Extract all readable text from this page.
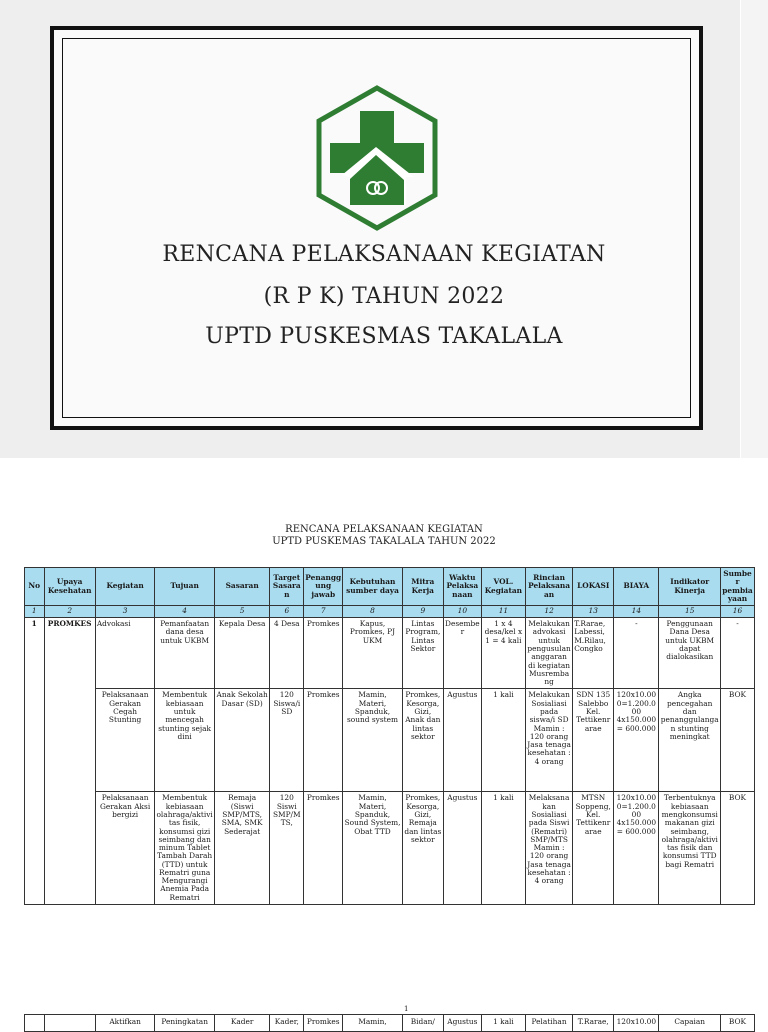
RENCANA PELAKSANAAN KEGIATAN
(R P K) TAHUN 2022
UPTD PUSKESMAS TAKALALA
RENCANA PELAKSANAAN KEGIATAN
UPTD PUSKEMAS TAKALALA TAHUN 2022
No	Upaya Kesehatan	Kegiatan	Tujuan	Sasaran	Target Sasaran	Penanggung jawab	Kebutuhan sumber daya	Mitra Kerja	Waktu Pelaksanaan	VOL. Kegiatan	Rincian Pelaksanaan	LOKASI	BIAYA	Indikator Kinerja	Sumber pembiayaan
1	2	3	4	5	6	7	8	9	10	11	12	13	14	15	16
1	PROMKES	Advokasi	Pemanfaatan dana desa untuk UKBM	Kepala Desa	4 Desa	Promkes	Kapus, Promkes, PJ UKM	Lintas Program, Lintas Sektor	Desember	1 x 4 desa/kel x 1 = 4 kali	Melakukan advokasi untuk pengusulan anggaran di kegiatan Musrembang	T.Rarae, Labessi, M.Rilau, Congko	-	Penggunaan Dana Desa untuk UKBM dapat dialokasikan	-
		Pelaksanaan Gerakan Cegah Stunting	Membentuk kebiasaan untuk mencegah stunting sejak dini	Anak Sekolah Dasar (SD)	120 Siswa/i SD	Promkes	Mamin, Materi, Spanduk, sound system	Promkes, Kesorga, Gizi, Anak dan lintas sektor	Agustus	1 kali	Melakukan Sosialiasi pada siswa/i SD Mamin : 120 orang Jasa tenaga kesehatan : 4 orang	SDN 135 Salebbo Kel. Tettikenrarae	120x10.000=1.200.000 4x150.000 = 600.000	Angka pencegahan dan penanggulangan stunting meningkat	BOK
		Pelaksanaan Gerakan Aksi bergizi	Membentuk kebiasaan olahraga/aktivitas fisik, konsumsi gizi seimbang dan minum Tablet Tambah Darah (TTD) untuk Rematri guna Mengurangi Anemia Pada Rematri	Remaja (Siswi SMP/MTS, SMA, SMK Sederajat	120 Siswi SMP/MTS,	Promkes	Mamin, Materi, Spanduk, Sound System, Obat TTD	Promkes, Kesorga, Gizi, Remaja dan lintas sektor	Agustus	1 kali	Melaksanakan Sosialiasi pada Siswi (Rematri) SMP/MTS Mamin : 120 orang Jasa tenaga kesehatan : 4 orang	MTSN Soppeng, Kel. Tettikenrarae	120x10.000=1.200.000 4x150.000 = 600.000	Terbentuknya kebiasaan mengkonsumsi makanan gizi seimbang, olahraga/aktivitas fisik dan konsumsi TTD bagi Rematri	BOK
1
		Aktifkan	Peningkatan	Kader	Kader,	Promkes	Mamin,	Bidan/	Agustus	1 kali	Pelatihan	T.Rarae,	120x10.00	Capaian	BOK
